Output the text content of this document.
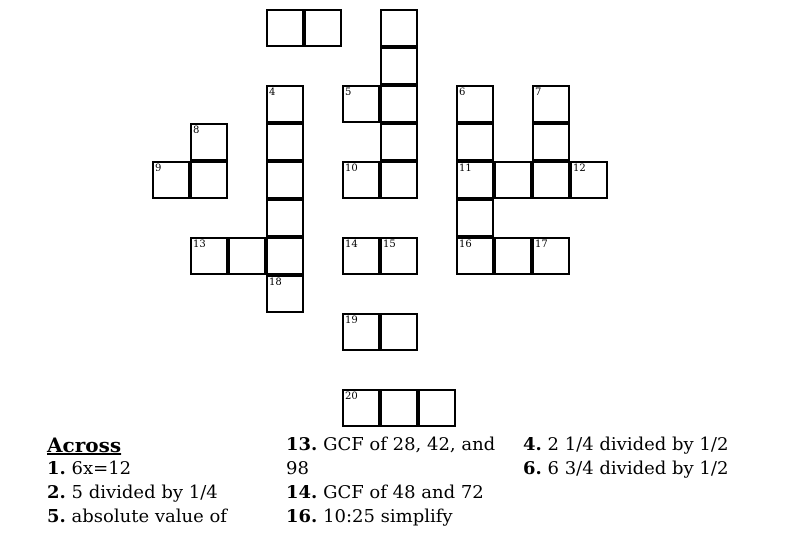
4	5	6	7
8
9	10	11	12
13	14	15	16	17
18
19
20
Across
1. 6x=12
2. 5 divided by 1/4
5. absolute value of
13. GCF of 28, 42, and 98
14. GCF of 48 and 72
16. 10:25 simplify
4. 2 1/4 divided by 1/2
6. 6 3/4 divided by 1/2
